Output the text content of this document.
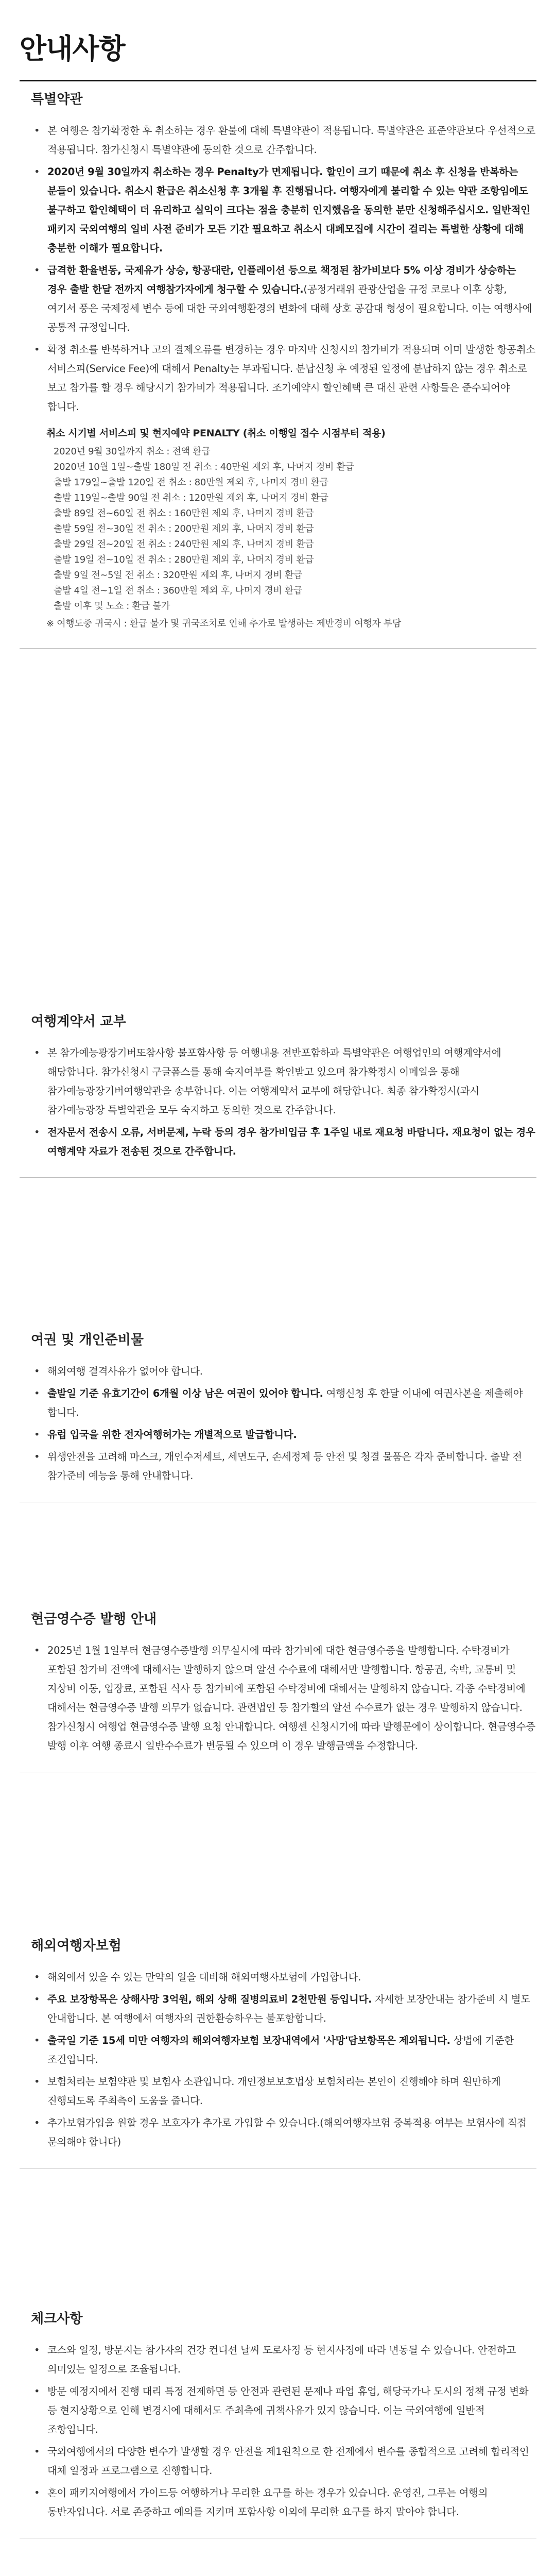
안내사항
특별약관
• 본 여행은 참가확정한 후 취소하는 경우 환불에 대해 특별약관이 적용됩니다. 특별약관은 표준약관보다 우선적으로 적용됩니다. 참가신청시 특별약관에 동의한 것으로 간주합니다.
• 2020년 9월 30일까지 취소하는 경우 Penalty가 면제됩니다. 할인이 크기 때문에 취소 후 신청을 반복하는 분들이 있습니다. 취소시 환급은 취소신청 후 3개월 후 진행됩니다. 여행자에게 불리할 수 있는 약관 조항임에도 불구하고 할인혜택이 더 유리하고 실익이 크다는 점을 충분히 인지했음을 동의한 분만 신청해주십시오. 일반적인 패키지 국외여행의 일비 사전 준비가 모든 기간 필요하고 취소시 대폐모집에 시간이 걸리는 특별한 상황에 대해 충분한 이해가 필요합니다.
• 급격한 환율변동, 국제유가 상승, 항공대란, 인플레이션 등으로 책정된 참가비보다 5% 이상 경비가 상승하는 경우 출발 한달 전까지 여행참가자에게 청구할 수 있습니다.(공정거래위 관광산업을 규정 코로나 이후 상황, 여기서 풍은 국제정세 변수 등에 대한 국외여행환경의 변화에 대해 상호 공감대 형성이 필요합니다. 이는 여행사에 공통적 규정입니다.
• 확정 취소를 반복하거나 고의 결제오류를 변경하는 경우 마지막 신청시의 참가비가 적용되며 이미 발생한 항공취소 서비스피(Service Fee)에 대해서 Penalty는 부과됩니다. 분납신청 후 예정된 일정에 분납하지 않는 경우 취소로 보고 참가를 할 경우 해당시기 참가비가 적용됩니다. 조기예약시 할인혜택 큰 대신 관련 사항들은 준수되어야 합니다.
취소 시기별 서비스피 및 현지예약 PENALTY (취소 이행일 접수 시점부터 적용)
2020년 9월 30일까지 취소 : 전액 환급
2020년 10월 1일~출발 180일 전 취소 : 40만원 제외 후, 나머지 경비 환급
출발 179일~출발 120일 전 취소 : 80만원 제외 후, 나머지 경비 환급
출발 119일~출발 90일 전 취소 : 120만원 제외 후, 나머지 경비 환급
출발 89일 전~60일 전 취소 : 160만원 제외 후, 나머지 경비 환급
출발 59일 전~30일 전 취소 : 200만원 제외 후, 나머지 경비 환급
출발 29일 전~20일 전 취소 : 240만원 제외 후, 나머지 경비 환급
출발 19일 전~10일 전 취소 : 280만원 제외 후, 나머지 경비 환급
출발 9일 전~5일 전 취소 : 320만원 제외 후, 나머지 경비 환급
출발 4일 전~1일 전 취소 : 360만원 제외 후, 나머지 경비 환급
출발 이후 및 노쇼 : 환급 불가
※ 여행도중 귀국시 : 환급 불가 및 귀국조치로 인해 추가로 발생하는 제반경비 여행자 부담
여행계약서 교부
• 본 참가예능광장기버또참사항 불포함사항 등 여행내용 전반포함하과 특별약관은 여행업인의 여행계약서에 해당합니다. 참가신청시 구글폼스를 통해 숙지여부를 확인받고 있으며 참가확정시 이메일을 통해 참가예능광장기버여행약관을 송부합니다. 이는 여행계약서 교부에 해당합니다. 최종 참가확정시(과시 참가예능광장 특별약관을 모두 숙지하고 동의한 것으로 간주합니다.
• 전자문서 전송시 오류, 서버문제, 누락 등의 경우 참가비입금 후 1주일 내로 재요청 바랍니다. 재요청이 없는 경우 여행계약 자료가 전송된 것으로 간주합니다.
여권 및 개인준비물
• 해외여행 결격사유가 없어야 합니다.
• 출발일 기준 유효기간이 6개월 이상 남은 여권이 있어야 합니다. 여행신청 후 한달 이내에 여권사본을 제출해야 합니다.
• 유럽 입국을 위한 전자여행허가는 개별적으로 발급합니다.
• 위생안전을 고려해 마스크, 개인수저세트, 세면도구, 손세정제 등 안전 및 청결 물품은 각자 준비합니다. 출발 전 참가준비 예능을 통해 안내합니다.
현금영수증 발행 안내
• 2025년 1월 1일부터 현금영수증발행 의무실시에 따라 참가비에 대한 현금영수증을 발행합니다. 수탁경비가 포함된 참가비 전액에 대해서는 발행하지 않으며 알선 수수료에 대해서만 발행합니다. 항공권, 숙박, 교통비 및 지상비 이동, 입장료, 포함된 식사 등 참가비에 포함된 수탁경비에 대해서는 발행하지 않습니다. 각종 수탁경비에 대해서는 현금영수증 발행 의무가 없습니다. 관련법인 등 참가할의 알선 수수료가 없는 경우 발행하지 않습니다. 참가신청시 여행업 현금영수증 발행 요청 안내합니다. 여행센 신청시기에 따라 발행문에이 상이합니다. 현금영수증 발행 이후 여행 종료시 일반수수료가 변동될 수 있으며 이 경우 발행금액을 수정합니다.
해외여행자보험
• 해외에서 있을 수 있는 만약의 일을 대비해 해외여행자보험에 가입합니다.
• 주요 보장항목은 상해사망 3억원, 해외 상해 질병의료비 2천만원 등입니다. 자세한 보장안내는 참가준비 시 별도 안내합니다. 본 여행에서 여행자의 권한환승하우는 불포함합니다.
• 출국일 기준 15세 미만 여행자의 해외여행자보험 보장내역에서 '사망'담보항목은 제외됩니다. 상법에 기준한 조건입니다.
• 보험처리는 보험약관 및 보험사 소관입니다. 개인정보보호법상 보험처리는 본인이 진행해야 하며 원만하게 진행되도록 주최측이 도움을 줍니다.
• 추가보험가입을 원할 경우 보호자가 추가로 가입할 수 있습니다.(해외여행자보험 중복적용 여부는 보험사에 직접 문의해야 합니다)
체크사항
• 코스와 일정, 방문지는 참가자의 건강 컨디션 날씨 도로사정 등 현지사정에 따라 변동될 수 있습니다. 안전하고 의미있는 일정으로 조율됩니다.
• 방문 예정지에서 진행 대리 특정 전제하면 등 안전과 관련된 문제나 파업 휴업, 해당국가나 도시의 정책 규정 변화 등 현지상황으로 인해 변경시에 대해서도 주최측에 귀책사유가 있지 않습니다. 이는 국외여행에 일반적 조항입니다.
• 국외여행에서의 다양한 변수가 발생할 경우 안전을 제1원칙으로 한 전제에서 변수를 종합적으로 고려해 합리적인 대체 일정과 프로그램으로 진행합니다.
• 혼이 패키지여행에서 가이드등 여행하거나 무리한 요구를 하는 경우가 있습니다. 운영진, 그루는 여행의 동반자입니다. 서로 존중하고 예의를 지키며 포함사항 이외에 무리한 요구를 하지 말아야 합니다.
